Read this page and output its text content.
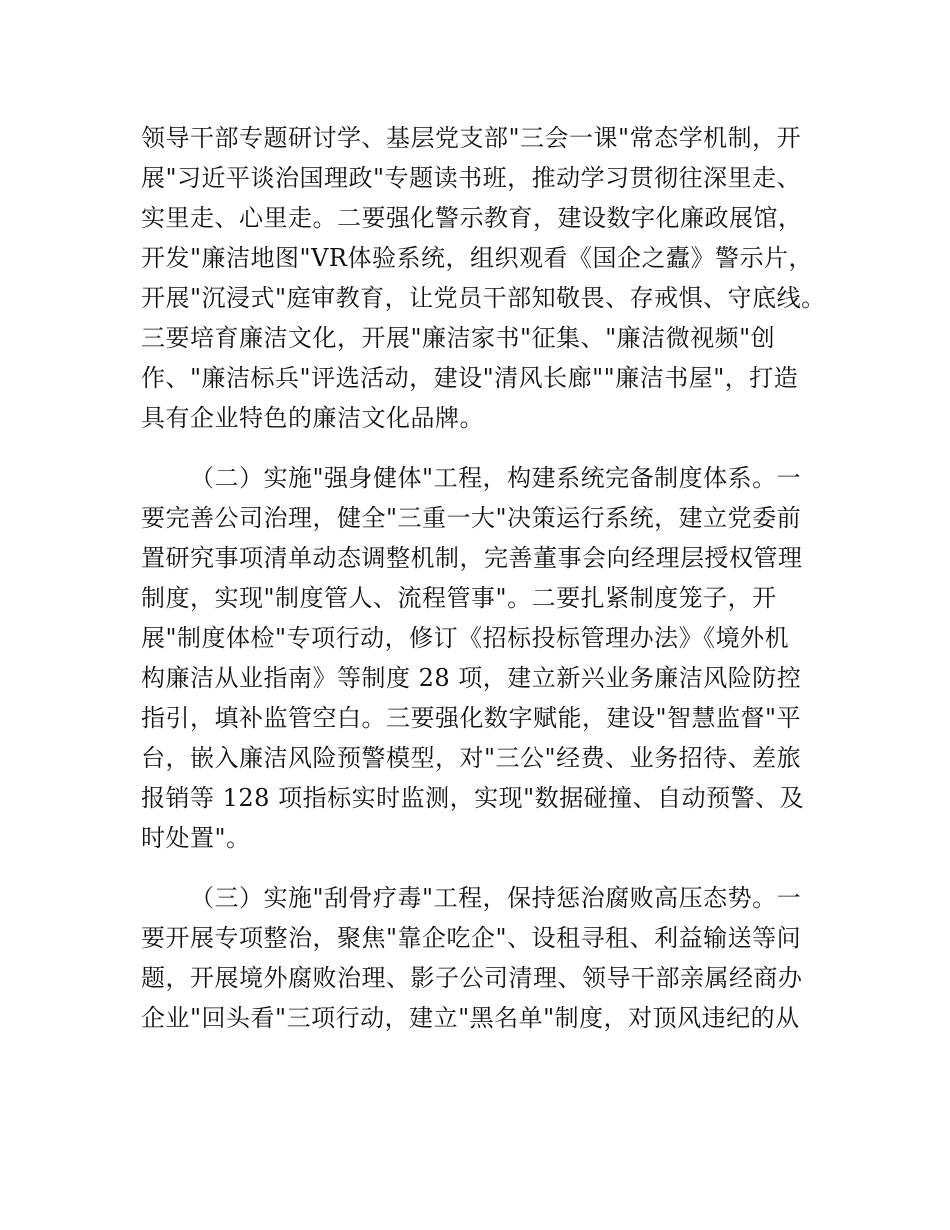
领导干部专题研讨学、基层党支部"三会一课"常态学机制，开
展"习近平谈治国理政"专题读书班，推动学习贯彻往深里走、
实里走、心里走。二要强化警示教育，建设数字化廉政展馆，
开发"廉洁地图"VR体验系统，组织观看《国企之蠹》警示片，
开展"沉浸式"庭审教育，让党员干部知敬畏、存戒惧、守底线。
三要培育廉洁文化，开展"廉洁家书"征集、"廉洁微视频"创
作、"廉洁标兵"评选活动，建设"清风长廊""廉洁书屋"，打造
具有企业特色的廉洁文化品牌。
（二）实施"强身健体"工程，构建系统完备制度体系。一
要完善公司治理，健全"三重一大"决策运行系统，建立党委前
置研究事项清单动态调整机制，完善董事会向经理层授权管理
制度，实现"制度管人、流程管事"。二要扎紧制度笼子，开
展"制度体检"专项行动，修订《招标投标管理办法》《境外机
构廉洁从业指南》等制度 28 项，建立新兴业务廉洁风险防控
指引，填补监管空白。三要强化数字赋能，建设"智慧监督"平
台，嵌入廉洁风险预警模型，对"三公"经费、业务招待、差旅
报销等 128 项指标实时监测，实现"数据碰撞、自动预警、及
时处置"。
（三）实施"刮骨疗毒"工程，保持惩治腐败高压态势。一
要开展专项整治，聚焦"靠企吃企"、设租寻租、利益输送等问
题，开展境外腐败治理、影子公司清理、领导干部亲属经商办
企业"回头看"三项行动，建立"黑名单"制度，对顶风违纪的从
